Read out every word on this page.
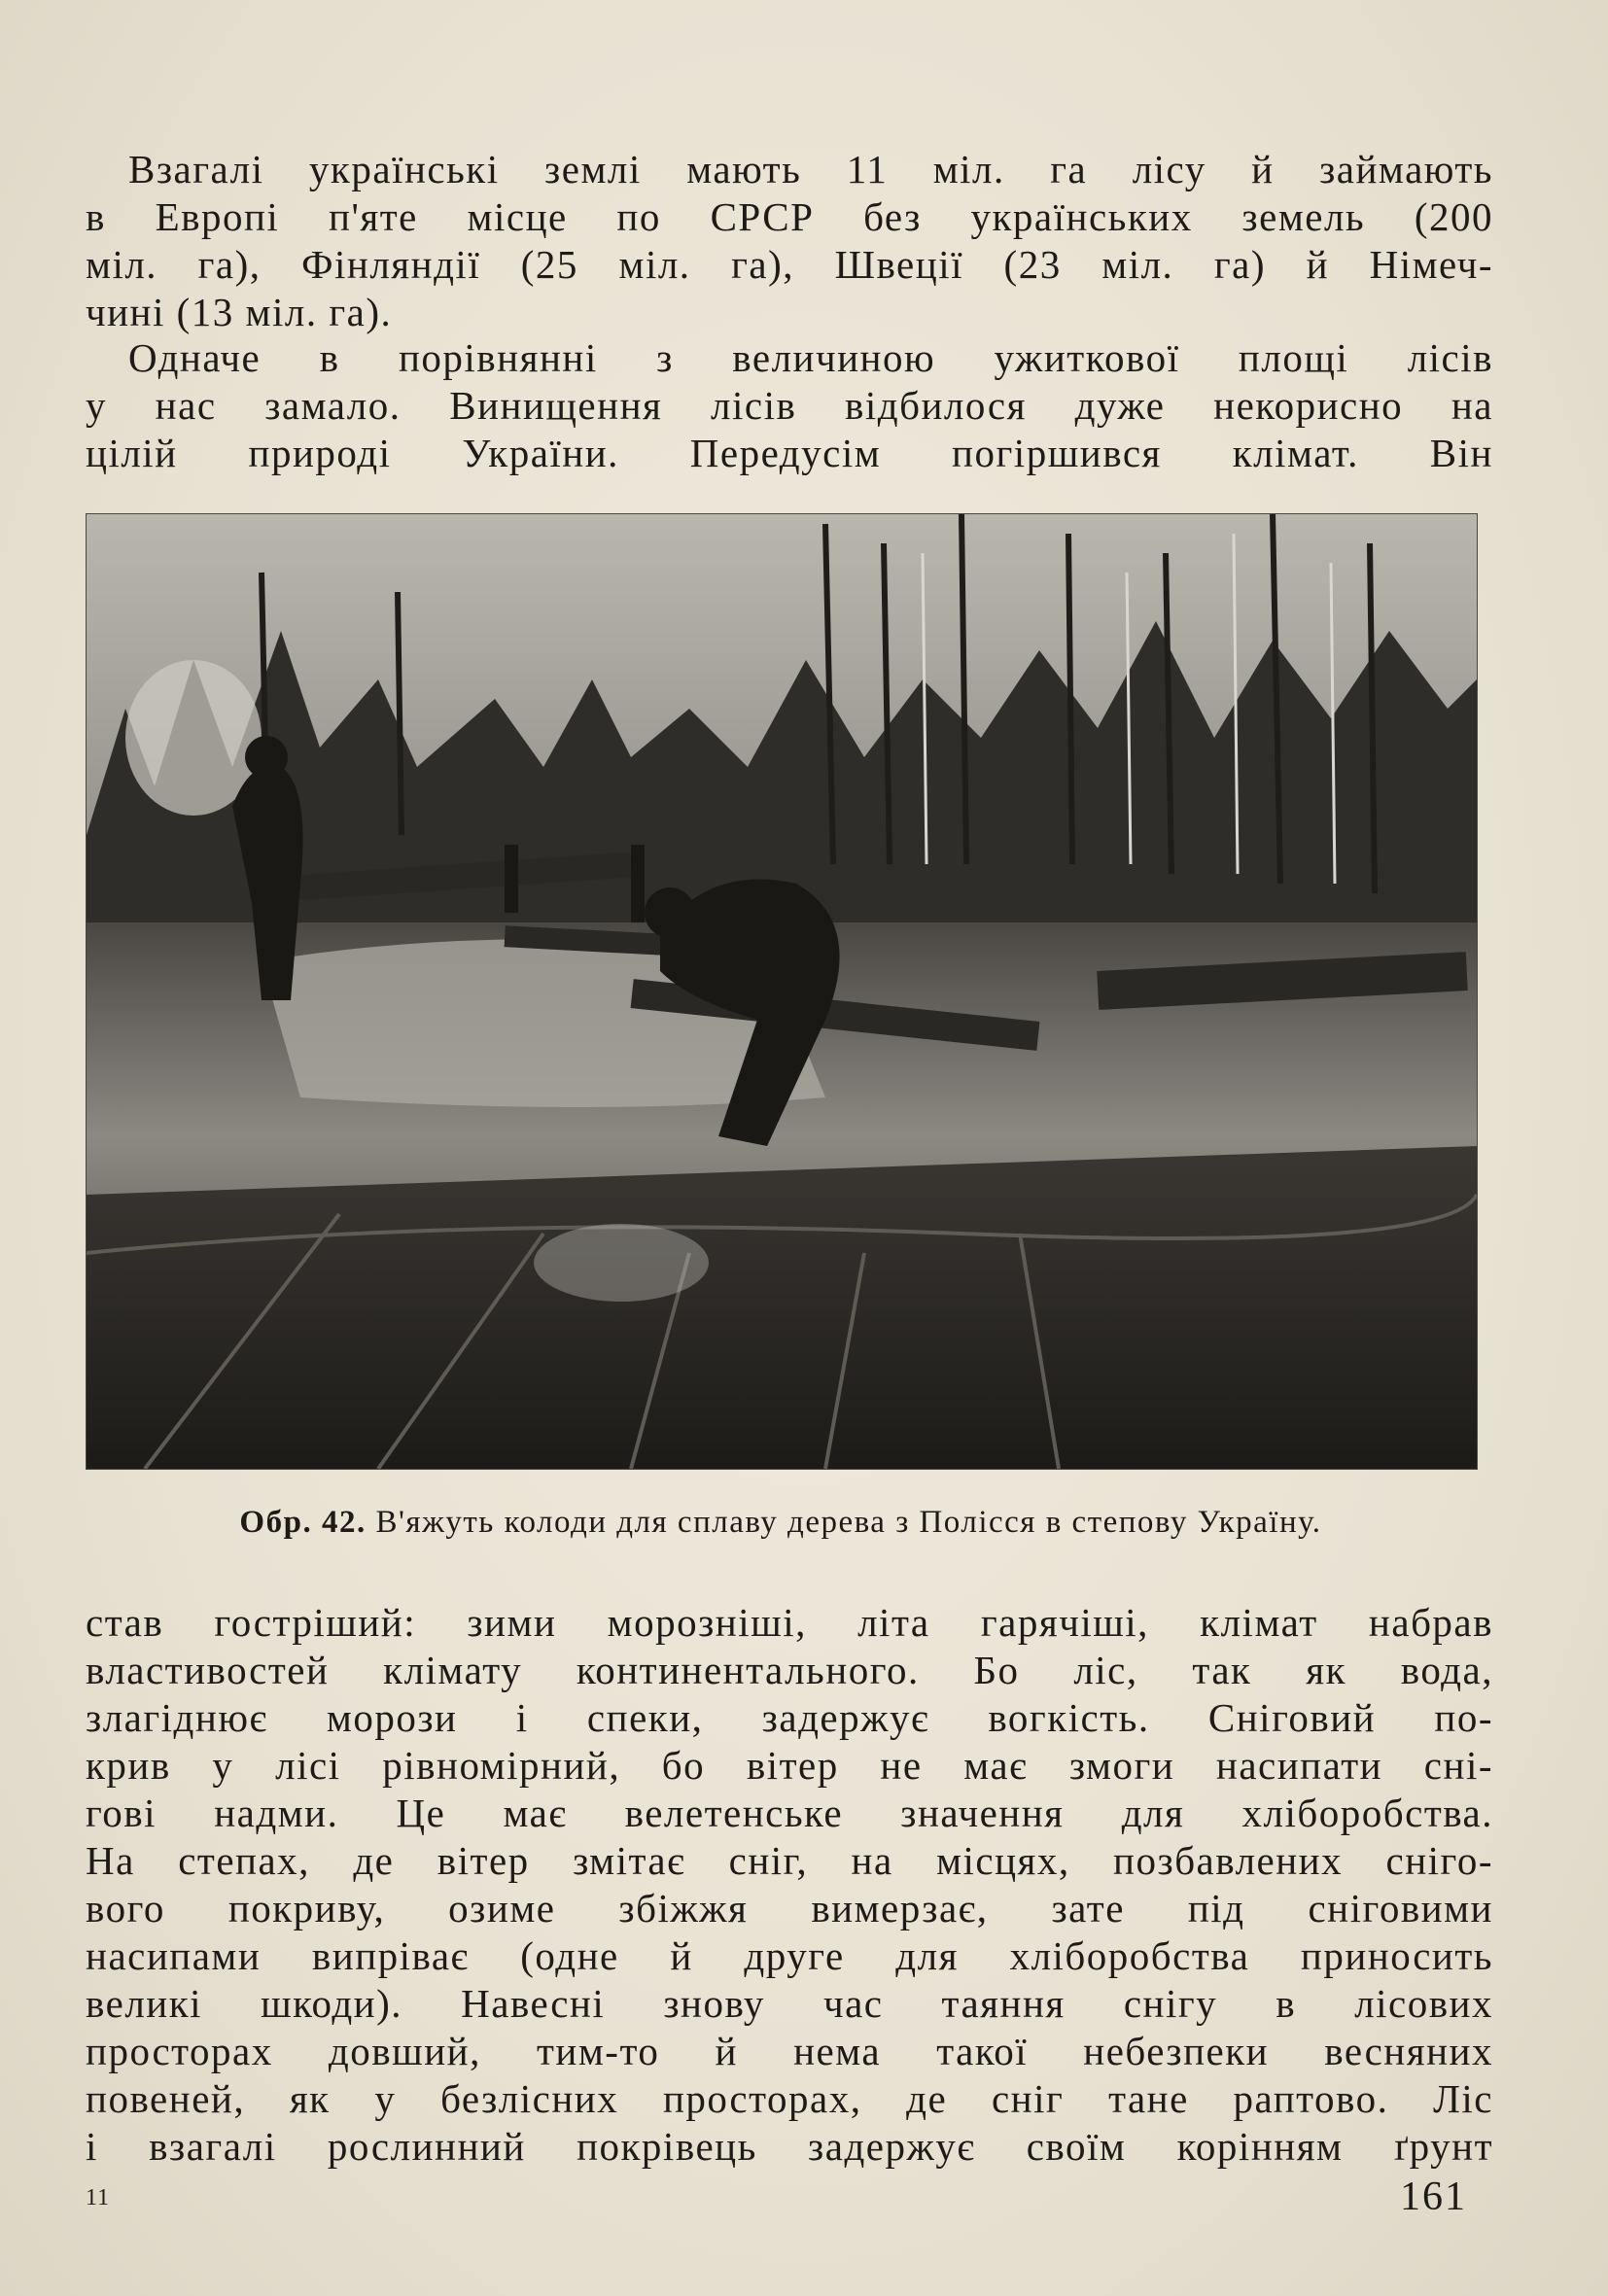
Взагалі українські землі мають 11 міл. га лісу й займають
в Европі п'яте місце по СРСР без українських земель (200
міл. га), Фінляндії (25 міл. га), Швеції (23 міл. га) й Німеч-
чині (13 міл. га).
Одначе в порівнянні з величиною ужиткової площі лісів
у нас замало. Винищення лісів відбилося дуже некорисно на
цілій природі України. Передусім погіршився клімат. Він
Обр. 42. В'яжуть колоди для сплаву дерева з Полісся в степову Україну.
став гостріший: зими морозніші, літа гарячіші, клімат набрав
властивостей клімату континентального. Бо ліс, так як вода,
злагіднює морози і спеки, задержує вогкість. Сніговий по-
крив у лісі рівномірний, бо вітер не має змоги насипати сні-
гові надми. Це має велетенське значення для хліборобства.
На степах, де вітер змітає сніг, на місцях, позбавлених сніго-
вого покриву, озиме збіжжя вимерзає, зате під сніговими
насипами випріває (одне й друге для хліборобства приносить
великі шкоди). Навесні знову час таяння снігу в лісових
просторах довший, тим-то й нема такої небезпеки весняних
повеней, як у безлісних просторах, де сніг тане раптово. Ліс
і взагалі рослинний покрівець задержує своїм корінням ґрунт
11	161
